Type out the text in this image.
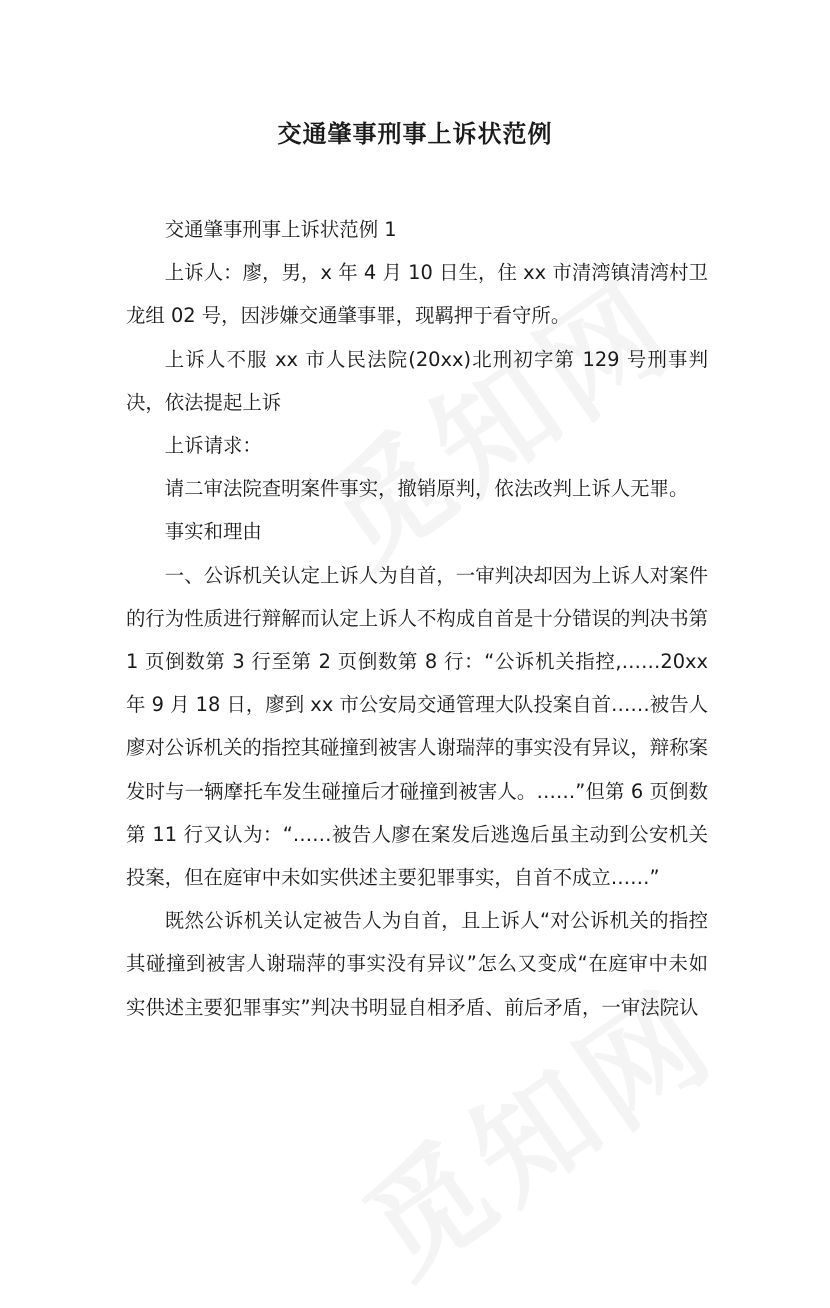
交通肇事刑事上诉状范例

交通肇事刑事上诉状范例 1

上诉人：廖，男，x 年 4 月 10 日生，住 xx 市清湾镇清湾村卫龙组 02 号，因涉嫌交通肇事罪，现羁押于看守所。

上诉人不服 xx 市人民法院(20xx)北刑初字第 129 号刑事判决，依法提起上诉

上诉请求：

请二审法院查明案件事实，撤销原判，依法改判上诉人无罪。

事实和理由

一、公诉机关认定上诉人为自首，一审判决却因为上诉人对案件的行为性质进行辩解而认定上诉人不构成自首是十分错误的判决书第 1 页倒数第 3 行至第 2 页倒数第 8 行：“公诉机关指控,……20xx 年 9 月 18 日，廖到 xx 市公安局交通管理大队投案自首……被告人廖对公诉机关的指控其碰撞到被害人谢瑞萍的事实没有异议，辩称案发时与一辆摩托车发生碰撞后才碰撞到被害人。……”但第 6 页倒数第 11 行又认为：“……被告人廖在案发后逃逸后虽主动到公安机关投案，但在庭审中未如实供述主要犯罪事实，自首不成立……”

既然公诉机关认定被告人为自首，且上诉人“对公诉机关的指控其碰撞到被害人谢瑞萍的事实没有异议”怎么又变成“在庭审中未如实供述主要犯罪事实”判决书明显自相矛盾、前后矛盾，一审法院认
